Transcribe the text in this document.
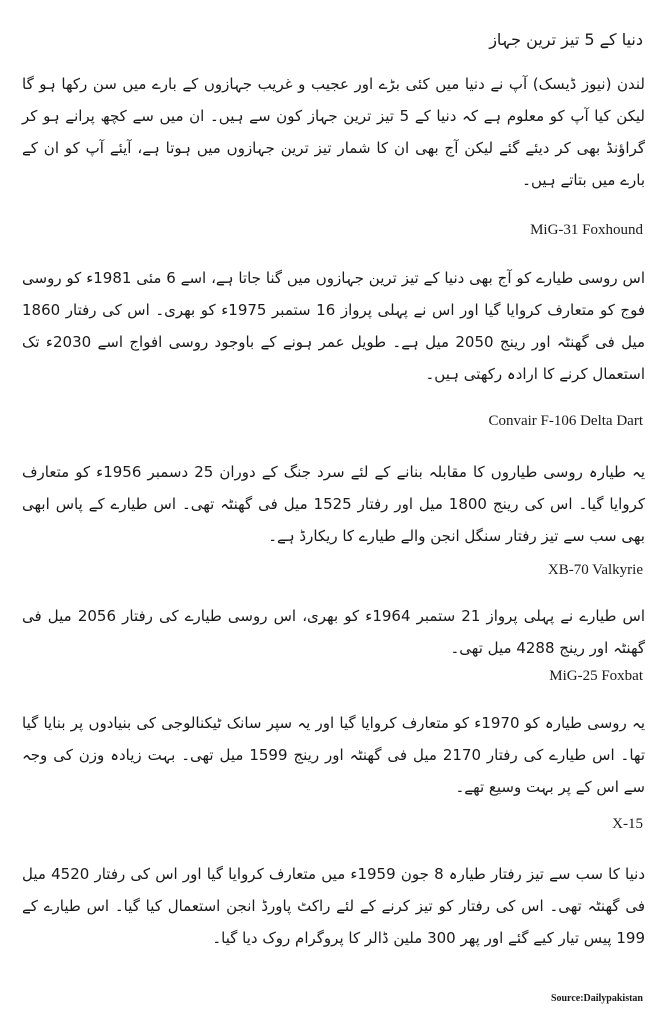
دنیا کے 5 تیز ترین جہاز

لندن (نیوز ڈیسک) آپ نے دنیا میں کئی بڑے اور عجیب و غریب جہازوں کے بارے میں سن رکھا ہو گا لیکن کیا آپ کو معلوم ہے کہ دنیا کے 5 تیز ترین جہاز کون سے ہیں۔ ان میں سے کچھ پرانے ہو کر گراؤنڈ بھی کر دیئے گئے لیکن آج بھی ان کا شمار تیز ترین جہازوں میں ہوتا ہے، آیئے آپ کو ان کے بارے میں بتاتے ہیں۔

MiG-31 Foxhound

اس روسی طیارے کو آج بھی دنیا کے تیز ترین جہازوں میں گنا جاتا ہے، اسے 6 مئی 1981ء کو روسی فوج کو متعارف کروایا گیا اور اس نے پہلی پرواز 16 ستمبر 1975ء کو بھری۔ اس کی رفتار 1860 میل فی گھنٹہ اور رینج 2050 میل ہے۔ طویل عمر ہونے کے باوجود روسی افواج اسے 2030ء تک استعمال کرنے کا ارادہ رکھتی ہیں۔

Convair F-106 Delta Dart

یہ طیارہ روسی طیاروں کا مقابلہ بنانے کے لئے سرد جنگ کے دوران 25 دسمبر 1956ء کو متعارف کروایا گیا۔ اس کی رینج 1800 میل اور رفتار 1525 میل فی گھنٹہ تھی۔ اس طیارے کے پاس ابھی بھی سب سے تیز رفتار سنگل انجن والے طیارے کا ریکارڈ ہے۔

XB-70 Valkyrie

اس طیارے نے پہلی پرواز 21 ستمبر 1964ء کو بھری، اس روسی طیارے کی رفتار 2056 میل فی گھنٹہ اور رینج 4288 میل تھی۔

MiG-25 Foxbat

یہ روسی طیارہ کو 1970ء کو متعارف کروایا گیا اور یہ سپر سانک ٹیکنالوجی کی بنیادوں پر بنایا گیا تھا۔ اس طیارے کی رفتار 2170 میل فی گھنٹہ اور رینج 1599 میل تھی۔ بہت زیادہ وزن کی وجہ سے اس کے پر بہت وسیع تھے۔

X-15

دنیا کا سب سے تیز رفتار طیارہ 8 جون 1959ء میں متعارف کروایا گیا اور اس کی رفتار 4520 میل فی گھنٹہ تھی۔ اس کی رفتار کو تیز کرنے کے لئے راکٹ پاورڈ انجن استعمال کیا گیا۔ اس طیارے کے 199 پیس تیار کیے گئے اور پھر 300 ملین ڈالر کا پروگرام روک دیا گیا۔

Source:Dailypakistan
